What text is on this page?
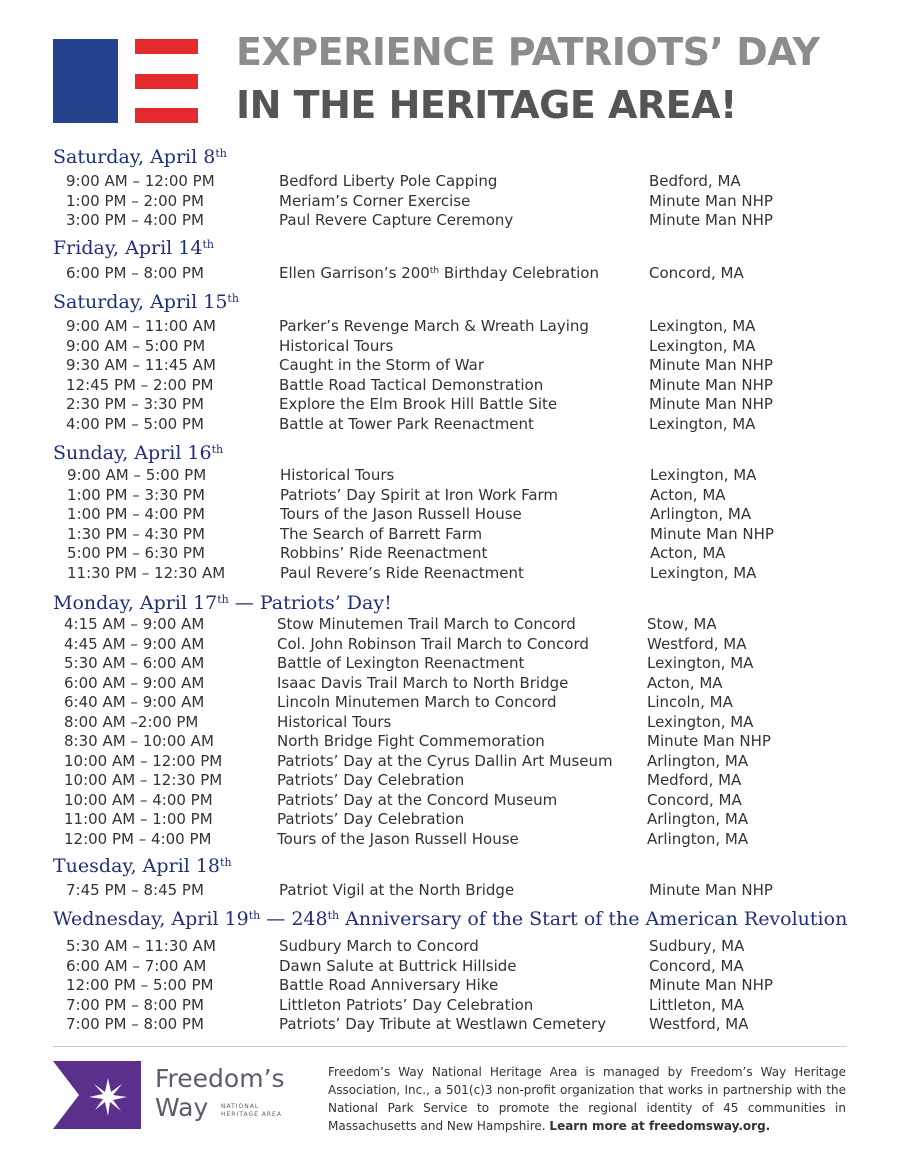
EXPERIENCE PATRIOTS’ DAY
IN THE HERITAGE AREA!
Saturday, April 8th
9:00 AM – 12:00 PM	Bedford Liberty Pole Capping	Bedford, MA
1:00 PM – 2:00 PM	Meriam’s Corner Exercise	Minute Man NHP
3:00 PM – 4:00 PM	Paul Revere Capture Ceremony	Minute Man NHP
Friday, April 14th
6:00 PM – 8:00 PM	Ellen Garrison’s 200th Birthday Celebration	Concord, MA
Saturday, April 15th
9:00 AM – 11:00 AM	Parker’s Revenge March & Wreath Laying	Lexington, MA
9:00 AM – 5:00 PM	Historical Tours	Lexington, MA
9:30 AM – 11:45 AM	Caught in the Storm of War	Minute Man NHP
12:45 PM – 2:00 PM	Battle Road Tactical Demonstration	Minute Man NHP
2:30 PM – 3:30 PM	Explore the Elm Brook Hill Battle Site	Minute Man NHP
4:00 PM – 5:00 PM	Battle at Tower Park Reenactment	Lexington, MA
Sunday, April 16th
9:00 AM – 5:00 PM	Historical Tours	Lexington, MA
1:00 PM – 3:30 PM	Patriots’ Day Spirit at Iron Work Farm	Acton, MA
1:00 PM – 4:00 PM	Tours of the Jason Russell House	Arlington, MA
1:30 PM – 4:30 PM	The Search of Barrett Farm	Minute Man NHP
5:00 PM – 6:30 PM	Robbins’ Ride Reenactment	Acton, MA
11:30 PM – 12:30 AM	Paul Revere’s Ride Reenactment	Lexington, MA
Monday, April 17th — Patriots’ Day!
4:15 AM – 9:00 AM	Stow Minutemen Trail March to Concord	Stow, MA
4:45 AM – 9:00 AM	Col. John Robinson Trail March to Concord	Westford, MA
5:30 AM – 6:00 AM	Battle of Lexington Reenactment	Lexington, MA
6:00 AM – 9:00 AM	Isaac Davis Trail March to North Bridge	Acton, MA
6:40 AM – 9:00 AM	Lincoln Minutemen March to Concord	Lincoln, MA
8:00 AM –2:00 PM	Historical Tours	Lexington, MA
8:30 AM – 10:00 AM	North Bridge Fight Commemoration	Minute Man NHP
10:00 AM – 12:00 PM	Patriots’ Day at the Cyrus Dallin Art Museum Arlington, MA
10:00 AM – 12:30 PM	Patriots’ Day Celebration	Medford, MA
10:00 AM – 4:00 PM	Patriots’ Day at the Concord Museum	Concord, MA
11:00 AM – 1:00 PM	Patriots’ Day Celebration	Arlington, MA
12:00 PM – 4:00 PM	Tours of the Jason Russell House	Arlington, MA
Tuesday, April 18th
7:45 PM – 8:45 PM	Patriot Vigil at the North Bridge	Minute Man NHP
Wednesday, April 19th — 248th Anniversary of the Start of the American Revolution
5:30 AM – 11:30 AM	Sudbury March to Concord	Sudbury, MA
6:00 AM – 7:00 AM	Dawn Salute at Buttrick Hillside	Concord, MA
12:00 PM – 5:00 PM	Battle Road Anniversary Hike	Minute Man NHP
7:00 PM – 8:00 PM	Littleton Patriots’ Day Celebration	Littleton, MA
7:00 PM – 8:00 PM	Patriots’ Day Tribute at Westlawn Cemetery	Westford, MA
Freedom’s
Way NATIONAL
HERITAGE AREA
Freedom’s Way National Heritage Area is managed by Freedom’s Way Heritage Association, Inc., a 501(c)3 non-profit organization that works in partnership with the National Park Service to promote the regional identity of 45 communities in Massachusetts and New Hampshire. Learn more at freedomsway.org.
